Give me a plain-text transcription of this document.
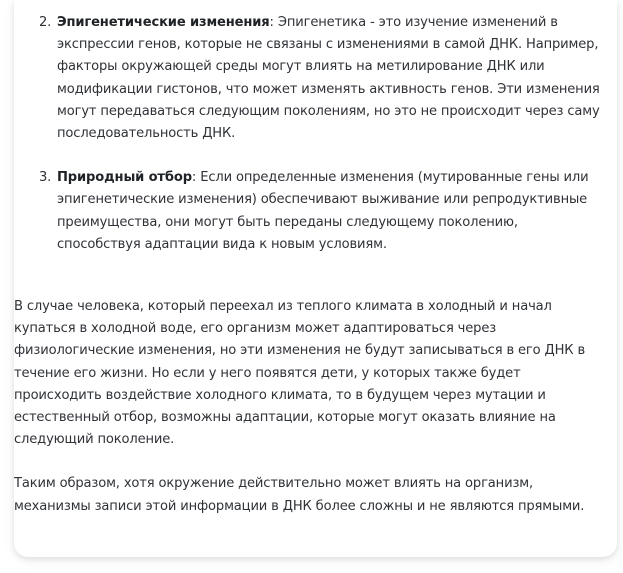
2. Эпигенетические изменения: Эпигенетика - это изучение изменений в экспрессии генов, которые не связаны с изменениями в самой ДНК. Например, факторы окружающей среды могут влиять на метилирование ДНК или модификации гистонов, что может изменять активность генов. Эти изменения могут передаваться следующим поколениям, но это не происходит через саму последовательность ДНК.
3. Природный отбор: Если определенные изменения (мутированные гены или эпигенетические изменения) обеспечивают выживание или репродуктивные преимущества, они могут быть переданы следующему поколению, способствуя адаптации вида к новым условиям.

В случае человека, который переехал из теплого климата в холодный и начал купаться в холодной воде, его организм может адаптироваться через физиологические изменения, но эти изменения не будут записываться в его ДНК в течение его жизни. Но если у него появятся дети, у которых также будет происходить воздействие холодного климата, то в будущем через мутации и естественный отбор, возможны адаптации, которые могут оказать влияние на следующий поколение.

Таким образом, хотя окружение действительно может влиять на организм, механизмы записи этой информации в ДНК более сложны и не являются прямыми.
